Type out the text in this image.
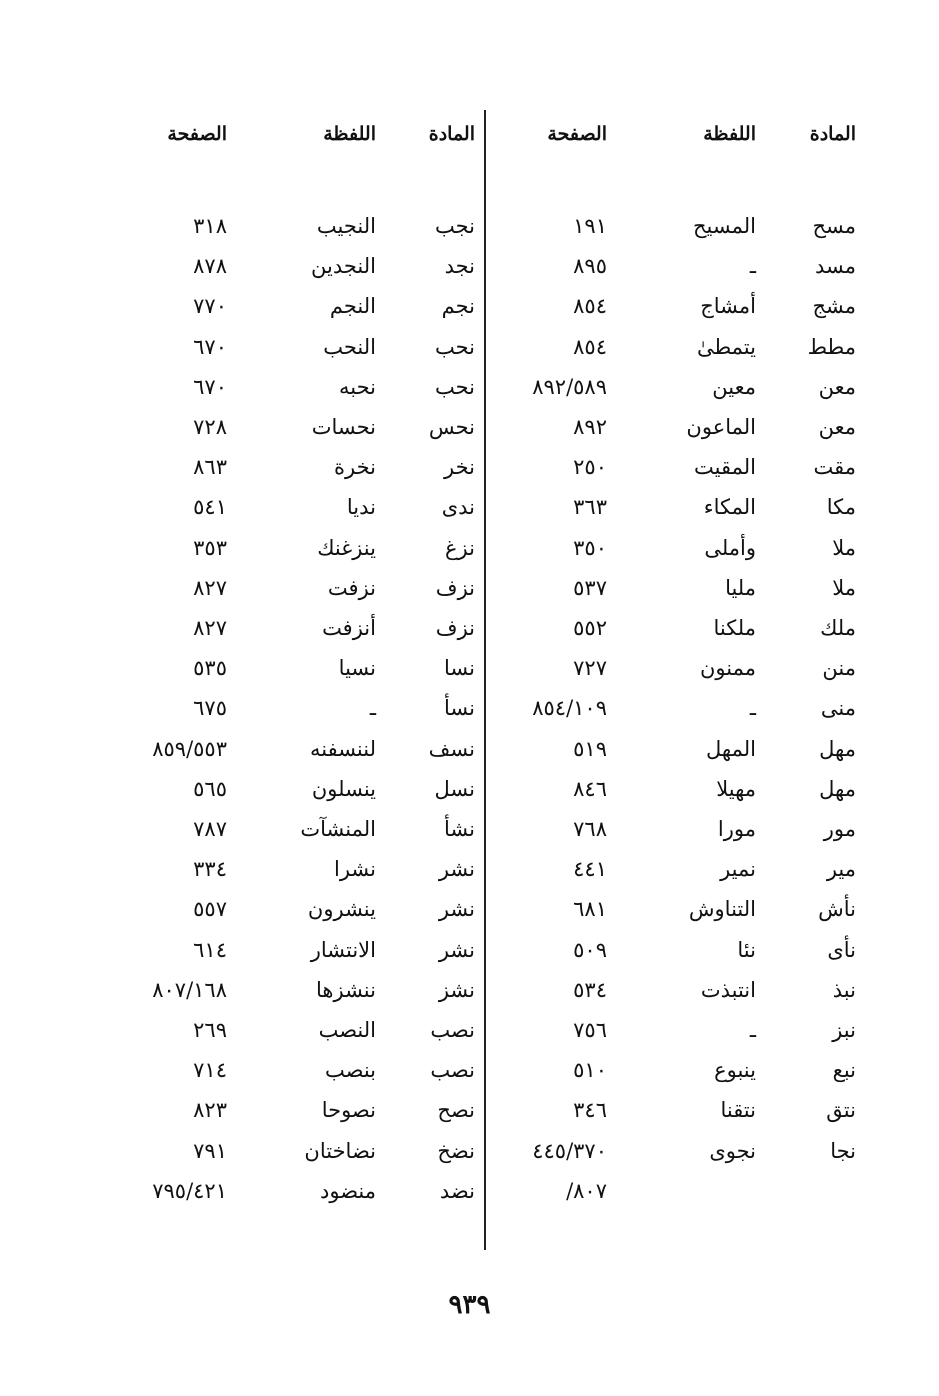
المادة
اللفظة
الصفحة
المادة
اللفظة
الصفحة
مسح
المسيح
١٩١
مسد
ـ
٨٩٥
مشج
أمشاج
٨٥٤
مطط
يتمطىٰ
٨٥٤
معن
معين
٨٩٢/٥٨٩
معن
الماعون
٨٩٢
مقت
المقيت
٢٥٠
مكا
المكاء
٣٦٣
ملا
وأملى
٣٥٠
ملا
مليا
٥٣٧
ملك
ملكنا
٥٥٢
منن
ممنون
٧٢٧
منى
ـ
٨٥٤/١٠٩
مهل
المهل
٥١٩
مهل
مهيلا
٨٤٦
مور
مورا
٧٦٨
مير
نمير
٤٤١
نأش
التناوش
٦٨١
نأى
نئا
٥٠٩
نبذ
انتبذت
٥٣٤
نبز
ـ
٧٥٦
نبع
ينبوع
٥١٠
نتق
نتقنا
٣٤٦
نجا
نجوى
٤٤٥/٣٧٠
٨٠٧/
نجب
النجيب
٣١٨
نجد
النجدين
٨٧٨
نجم
النجم
٧٧٠
نحب
النحب
٦٧٠
نحب
نحبه
٦٧٠
نحس
نحسات
٧٢٨
نخر
نخرة
٨٦٣
ندى
نديا
٥٤١
نزغ
ينزغنك
٣٥٣
نزف
نزفت
٨٢٧
نزف
أنزفت
٨٢٧
نسا
نسيا
٥٣٥
نسأ
ـ
٦٧٥
نسف
لننسفنه
٨٥٩/٥٥٣
نسل
ينسلون
٥٦٥
نشأ
المنشآت
٧٨٧
نشر
نشرا
٣٣٤
نشر
ينشرون
٥٥٧
نشر
الانتشار
٦١٤
نشز
ننشزها
٨٠٧/١٦٨
نصب
النصب
٢٦٩
نصب
بنصب
٧١٤
نصح
نصوحا
٨٢٣
نضخ
نضاختان
٧٩١
نضد
منضود
٧٩٥/٤٢١
٩٣٩
